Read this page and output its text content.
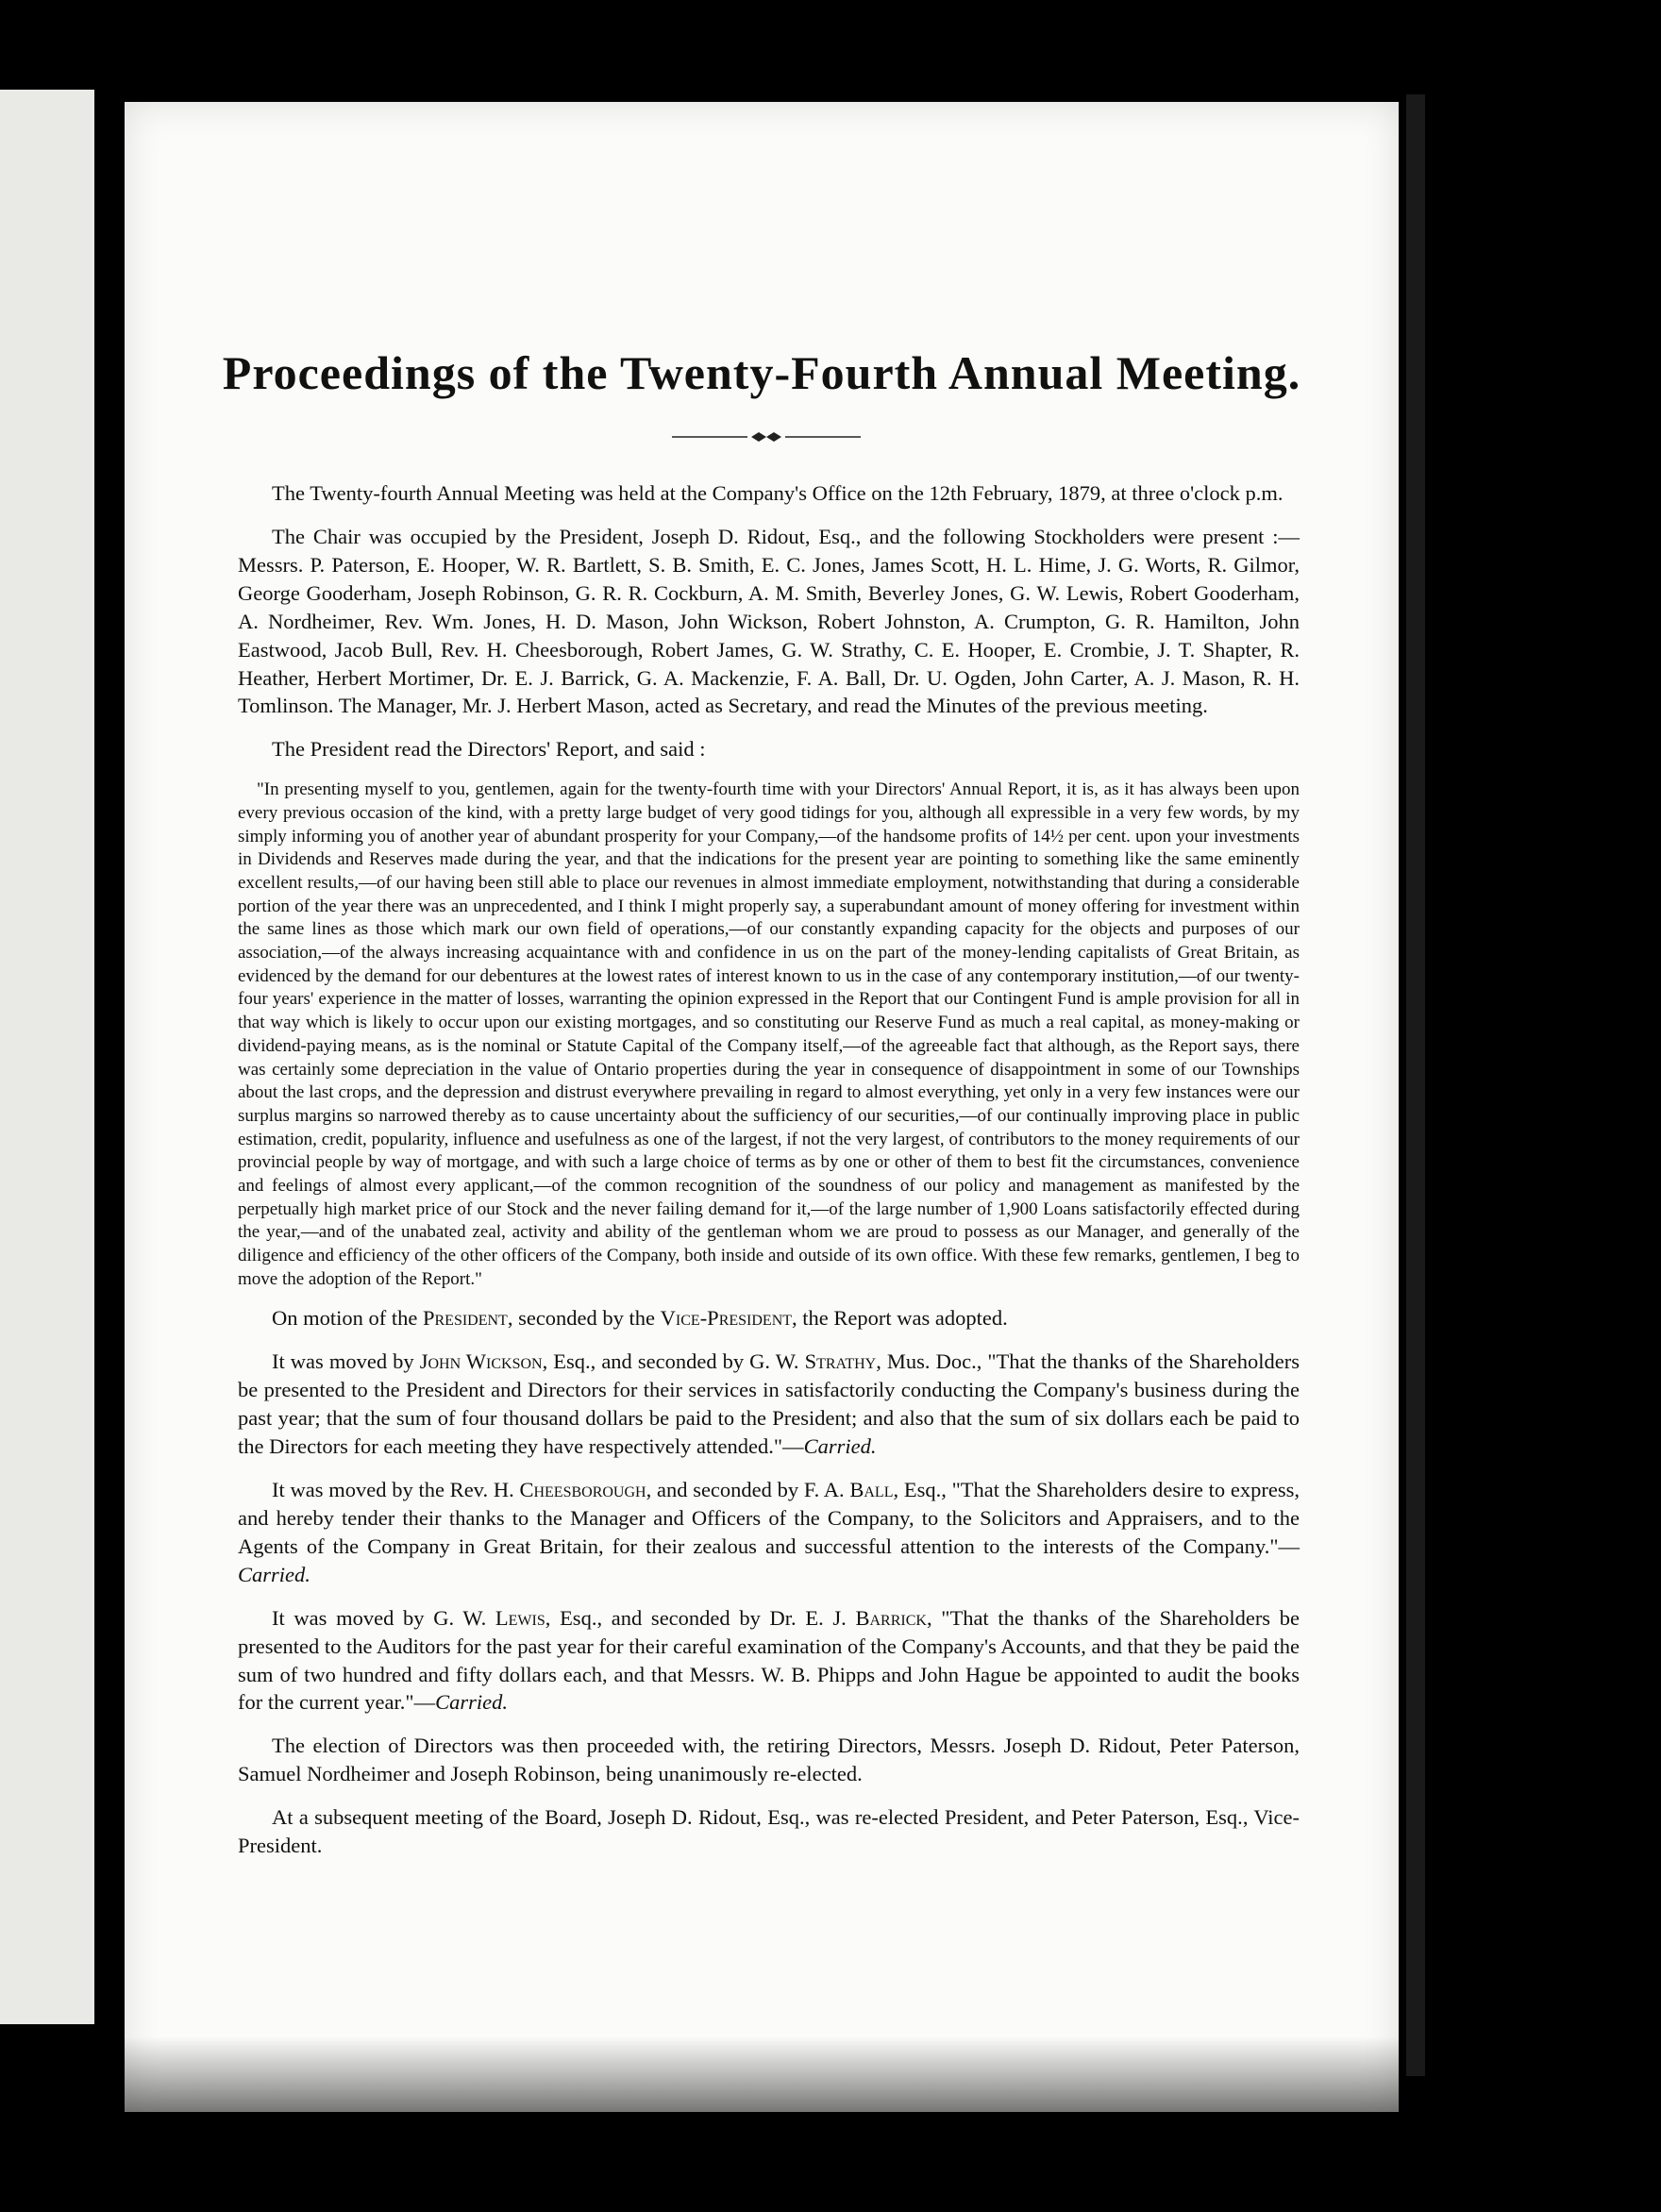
Proceedings of the Twenty-Fourth Annual Meeting.

The Twenty-fourth Annual Meeting was held at the Company's Office on the 12th February, 1879, at three o'clock p.m.

The Chair was occupied by the President, Joseph D. Ridout, Esq., and the following Stockholders were present :— Messrs. P. Paterson, E. Hooper, W. R. Bartlett, S. B. Smith, E. C. Jones, James Scott, H. L. Hime, J. G. Worts, R. Gilmor, George Gooderham, Joseph Robinson, G. R. R. Cockburn, A. M. Smith, Beverley Jones, G. W. Lewis, Robert Gooderham, A. Nordheimer, Rev. Wm. Jones, H. D. Mason, John Wickson, Robert Johnston, A. Crumpton, G. R. Hamilton, John Eastwood, Jacob Bull, Rev. H. Cheesborough, Robert James, G. W. Strathy, C. E. Hooper, E. Crombie, J. T. Shapter, R. Heather, Herbert Mortimer, Dr. E. J. Barrick, G. A. Mackenzie, F. A. Ball, Dr. U. Ogden, John Carter, A. J. Mason, R. H. Tomlinson. The Manager, Mr. J. Herbert Mason, acted as Secretary, and read the Minutes of the previous meeting.

The President read the Directors' Report, and said :

"In presenting myself to you, gentlemen, again for the twenty-fourth time with your Directors' Annual Report, it is, as it has always been upon every previous occasion of the kind, with a pretty large budget of very good tidings for you, although all expressible in a very few words, by my simply informing you of another year of abundant prosperity for your Company,—of the handsome profits of 14½ per cent. upon your investments in Dividends and Reserves made during the year, and that the indications for the present year are pointing to something like the same eminently excellent results,—of our having been still able to place our revenues in almost immediate employment, notwithstanding that during a considerable portion of the year there was an unprecedented, and I think I might properly say, a superabundant amount of money offering for investment within the same lines as those which mark our own field of operations,—of our constantly expanding capacity for the objects and purposes of our association,—of the always increasing acquaintance with and confidence in us on the part of the money-lending capitalists of Great Britain, as evidenced by the demand for our debentures at the lowest rates of interest known to us in the case of any contemporary institution,—of our twenty-four years' experience in the matter of losses, warranting the opinion expressed in the Report that our Contingent Fund is ample provision for all in that way which is likely to occur upon our existing mortgages, and so constituting our Reserve Fund as much a real capital, as money-making or dividend-paying means, as is the nominal or Statute Capital of the Company itself,—of the agreeable fact that although, as the Report says, there was certainly some depreciation in the value of Ontario properties during the year in consequence of disappointment in some of our Townships about the last crops, and the depression and distrust everywhere prevailing in regard to almost everything, yet only in a very few instances were our surplus margins so narrowed thereby as to cause uncertainty about the sufficiency of our securities,—of our continually improving place in public estimation, credit, popularity, influence and usefulness as one of the largest, if not the very largest, of contributors to the money requirements of our provincial people by way of mortgage, and with such a large choice of terms as by one or other of them to best fit the circumstances, convenience and feelings of almost every applicant,—of the common recognition of the soundness of our policy and management as manifested by the perpetually high market price of our Stock and the never failing demand for it,—of the large number of 1,900 Loans satisfactorily effected during the year,—and of the unabated zeal, activity and ability of the gentleman whom we are proud to possess as our Manager, and generally of the diligence and efficiency of the other officers of the Company, both inside and outside of its own office. With these few remarks, gentlemen, I beg to move the adoption of the Report."

On motion of the President, seconded by the Vice-President, the Report was adopted.

It was moved by John Wickson, Esq., and seconded by G. W. Strathy, Mus. Doc., "That the thanks of the Shareholders be presented to the President and Directors for their services in satisfactorily conducting the Company's business during the past year; that the sum of four thousand dollars be paid to the President; and also that the sum of six dollars each be paid to the Directors for each meeting they have respectively attended."—Carried.

It was moved by the Rev. H. Cheesborough, and seconded by F. A. Ball, Esq., "That the Shareholders desire to express, and hereby tender their thanks to the Manager and Officers of the Company, to the Solicitors and Appraisers, and to the Agents of the Company in Great Britain, for their zealous and successful attention to the interests of the Company."—Carried.

It was moved by G. W. Lewis, Esq., and seconded by Dr. E. J. Barrick, "That the thanks of the Shareholders be presented to the Auditors for the past year for their careful examination of the Company's Accounts, and that they be paid the sum of two hundred and fifty dollars each, and that Messrs. W. B. Phipps and John Hague be appointed to audit the books for the current year."—Carried.

The election of Directors was then proceeded with, the retiring Directors, Messrs. Joseph D. Ridout, Peter Paterson, Samuel Nordheimer and Joseph Robinson, being unanimously re-elected.

At a subsequent meeting of the Board, Joseph D. Ridout, Esq., was re-elected President, and Peter Paterson, Esq., Vice-President.
